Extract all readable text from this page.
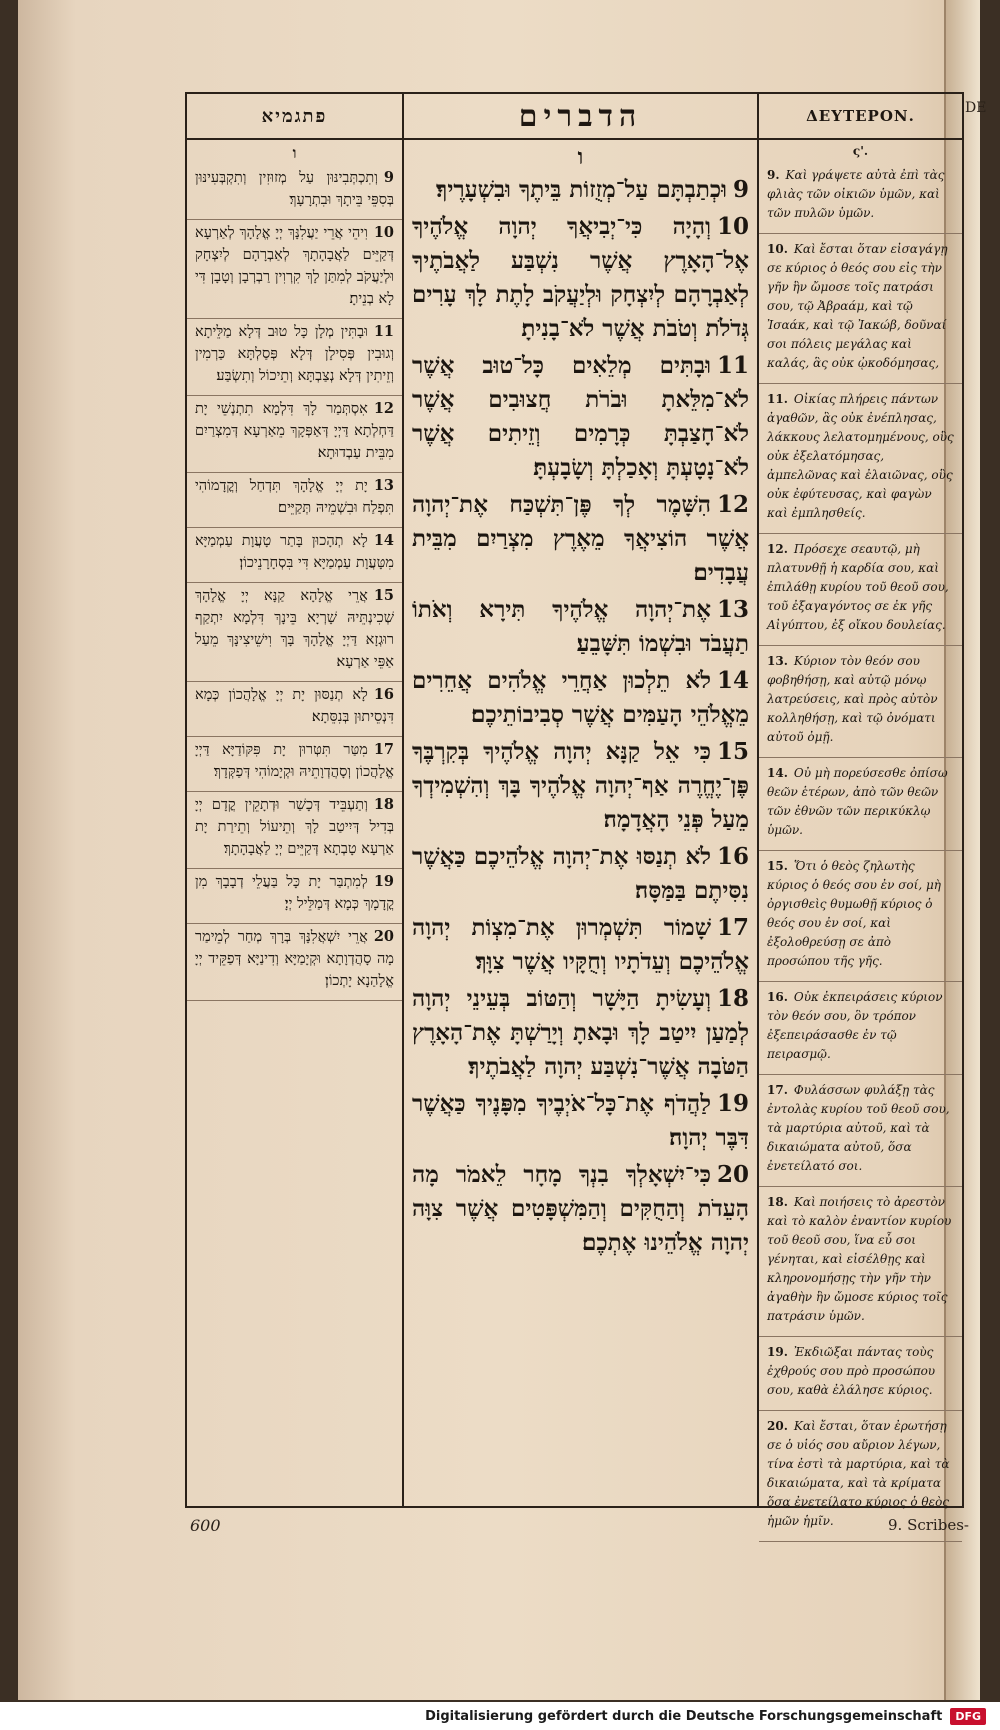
פתגמיא
ו
9וְתִכְתְּבִינּוּן עַל מְזוּזִין וְתִקְבְּעִינּוּן בְּסִפֵּי בֵּיתָךְ וּבִתְרָעָךְ׃
10וִיהֵי אֲרֵי יַעֲלִנָּךְ יְיָ אֱלָהָךְ לְאַרְעָא דְּקַיֵּים לַאֲבָהָתָךְ לְאַבְרָהָם לְיִצְחָק וּלְיַעֲקֹב לְמִתַּן לָךְ קִרְוִין רַבְרְבָן וְטָבָן דִּי לָא בְנֵיתָ׃
11וּבָתִּין מְלָן כָּל טוּב דְּלָא מַלֵּיתָא וְגוּבִין פְּסִילָן דְּלָא פְּסַלְתָּא כַּרְמִין וְזֵיתִין דְּלָא נְצַבְתָּא וְתֵיכוֹל וְתִשְׂבַּע׃
12אִסְתְּמַר לָךְ דִּלְמָא תִתְנְשֵׁי יָת דַּחְלְתָא דַּיְיָ דְּאַפְּקָךְ מֵאַרְעָא דְּמִצְרַיִם מִבֵּית עַבְדוּתָא׃
13יָת יְיָ אֱלָהָךְ תִּדְחַל וְקֳדָמוֹהִי תִּפְלַח וּבִשְׁמֵיהּ תְּקַיֵּים׃
14לָא תְהָכוּן בָּתַר טָעֲוָת עַמְמַיָּא מִטָּעֲוָת עַמְמַיָּא דִּי בִּסְחָרָנֵיכוֹן׃
15אֲרֵי אֱלָהָא קַנָּא יְיָ אֱלָהָךְ שְׁכִינְתֵּיהּ שָׁרְיָא בֵּינָךְ דִּלְמָא יִתְקַף רוּגְזָא דַּיְיָ אֱלָהָךְ בָּךְ וִישֵׁיצִינָּךְ מֵעַל אַפֵּי אַרְעָא׃
16לָא תְנַסּוּן יָת יְיָ אֱלָהֲכוֹן כְּמָא דִּנְסֵיתוּן בְּנִסֵּתָא׃
17מִטַּר תִּטְּרוּן יָת פִּקּוֹדַיָּא דַּיְיָ אֱלָהֲכוֹן וְסָהֲדְוָתֵיהּ וּקְיָמוֹהִי דְּפַקְּדָךְ׃
18וְתַעְבֵּיד דְּכָשַׁר וּדְתָקֵין קֳדָם יְיָ בְּדִיל דְּיִיטַב לָךְ וְתֵיעוֹל וְתֵירַת יָת אַרְעָא טָבְתָא דְּקַיֵּים יְיָ לַאֲבָהָתָךְ׃
19לְמִתְבַּר יָת כָּל בַּעֲלֵי דְבָבָךְ מִן קֳדָמָךְ כְּמָא דְּמַלֵּיל יְיָ׃
20אֲרֵי יִשְׁאֲלִנָּךְ בְּרָךְ מְחַר לְמֵימַר מָה סָהֲדְוָתָא וּקְיָמַיָּא וְדִינַיָּא דְּפַקֵּיד יְיָ אֱלָהַנָא יָתְכוֹן׃
הדברים
ו
9וּכְתַבְתָּם עַל־מְזֻזוֹת בֵּיתֶךָ וּבִשְׁעָרֶיךָ׃
10וְהָיָה כִּי־יְבִיאֲךָ יְהוָה אֱלֹהֶיךָ אֶל־הָאָרֶץ אֲשֶׁר נִשְׁבַּע לַאֲבֹתֶיךָ לְאַבְרָהָם לְיִצְחָק וּלְיַעֲקֹב לָתֶת לָךְ עָרִים גְּדֹלֹת וְטֹבֹת אֲשֶׁר לֹא־בָנִיתָ׃
11וּבָתִּים מְלֵאִים כָּל־טוּב אֲשֶׁר לֹא־מִלֵּאתָ וּבֹרֹת חֲצוּבִים אֲשֶׁר לֹא־חָצַבְתָּ כְּרָמִים וְזֵיתִים אֲשֶׁר לֹא־נָטָעְתָּ וְאָכַלְתָּ וְשָׂבָעְתָּ׃
12הִשָּׁמֶר לְךָ פֶּן־תִּשְׁכַּח אֶת־יְהוָה אֲשֶׁר הוֹצִיאֲךָ מֵאֶרֶץ מִצְרַיִם מִבֵּית עֲבָדִים׃
13אֶת־יְהוָה אֱלֹהֶיךָ תִּירָא וְאֹתוֹ תַעֲבֹד וּבִשְׁמוֹ תִּשָּׁבֵעַ׃
14לֹא תֵלְכוּן אַחֲרֵי אֱלֹהִים אֲחֵרִים מֵאֱלֹהֵי הָעַמִּים אֲשֶׁר סְבִיבוֹתֵיכֶם׃
15כִּי אֵל קַנָּא יְהוָה אֱלֹהֶיךָ בְּקִרְבֶּךָ פֶּן־יֶחֱרֶה אַף־יְהוָה אֱלֹהֶיךָ בָּךְ וְהִשְׁמִידְךָ מֵעַל פְּנֵי הָאֲדָמָה׃
16לֹא תְנַסּוּ אֶת־יְהוָה אֱלֹהֵיכֶם כַּאֲשֶׁר נִסִּיתֶם בַּמַּסָּה׃
17שָׁמוֹר תִּשְׁמְרוּן אֶת־מִצְוֹת יְהוָה אֱלֹהֵיכֶם וְעֵדֹתָיו וְחֻקָּיו אֲשֶׁר צִוָּךְ׃
18וְעָשִׂיתָ הַיָּשָׁר וְהַטּוֹב בְּעֵינֵי יְהוָה לְמַעַן יִיטַב לָךְ וּבָאתָ וְיָרַשְׁתָּ אֶת־הָאָרֶץ הַטֹּבָה אֲשֶׁר־נִשְׁבַּע יְהוָה לַאֲבֹתֶיךָ׃
19לַהֲדֹף אֶת־כָּל־אֹיְבֶיךָ מִפָּנֶיךָ כַּאֲשֶׁר דִּבֶּר יְהוָה׃
20כִּי־יִשְׁאָלְךָ בִנְךָ מָחָר לֵאמֹר מָה הָעֵדֹת וְהַחֻקִּים וְהַמִּשְׁפָּטִים אֲשֶׁר צִוָּה יְהוָה אֱלֹהֵינוּ אֶתְכֶם׃
ΔΕΥΤΕΡΟΝ.
ς'.
9. Καὶ γράψετε αὐτὰ ἐπὶ τὰς φλιὰς τῶν οἰκιῶν ὑμῶν, καὶ τῶν πυλῶν ὑμῶν.
10. Καὶ ἔσται ὅταν εἰσαγάγῃ σε κύριος ὁ θεός σου εἰς τὴν γῆν ἣν ὤμοσε τοῖς πατράσι σου, τῷ Ἀβραάμ, καὶ τῷ Ἰσαάκ, καὶ τῷ Ἰακώβ, δοῦναί σοι πόλεις μεγάλας καὶ καλάς, ἃς οὐκ ᾠκοδόμησας,
11. Οἰκίας πλήρεις πάντων ἀγαθῶν, ἃς οὐκ ἐνέπλησας, λάκκους λελατομημένους, οὓς οὐκ ἐξελατόμησας, ἀμπελῶνας καὶ ἐλαιῶνας, οὓς οὐκ ἐφύτευσας, καὶ φαγὼν καὶ ἐμπλησθείς.
12. Πρόσεχε σεαυτῷ, μὴ πλατυνθῇ ἡ καρδία σου, καὶ ἐπιλάθῃ κυρίου τοῦ θεοῦ σου, τοῦ ἐξαγαγόντος σε ἐκ γῆς Αἰγύπτου, ἐξ οἴκου δουλείας.
13. Κύριον τὸν θεόν σου φοβηθήσῃ, καὶ αὐτῷ μόνῳ λατρεύσεις, καὶ πρὸς αὐτὸν κολληθήσῃ, καὶ τῷ ὀνόματι αὐτοῦ ὀμῇ.
14. Οὐ μὴ πορεύσεσθε ὀπίσω θεῶν ἑτέρων, ἀπὸ τῶν θεῶν τῶν ἐθνῶν τῶν περικύκλῳ ὑμῶν.
15. Ὅτι ὁ θεὸς ζηλωτὴς κύριος ὁ θεός σου ἐν σοί, μὴ ὀργισθεὶς θυμωθῇ κύριος ὁ θεός σου ἐν σοί, καὶ ἐξολοθρεύσῃ σε ἀπὸ προσώπου τῆς γῆς.
16. Οὐκ ἐκπειράσεις κύριον τὸν θεόν σου, ὃν τρόπον ἐξεπειράσασθε ἐν τῷ πειρασμῷ.
17. Φυλάσσων φυλάξῃ τὰς ἐντολὰς κυρίου τοῦ θεοῦ σου, τὰ μαρτύρια αὐτοῦ, καὶ τὰ δικαιώματα αὐτοῦ, ὅσα ἐνετείλατό σοι.
18. Καὶ ποιήσεις τὸ ἀρεστὸν καὶ τὸ καλὸν ἐναντίον κυρίου τοῦ θεοῦ σου, ἵνα εὖ σοι γένηται, καὶ εἰσέλθῃς καὶ κληρονομήσῃς τὴν γῆν τὴν ἀγαθὴν ἣν ὤμοσε κύριος τοῖς πατράσιν ὑμῶν.
19. Ἐκδιῶξαι πάντας τοὺς ἐχθρούς σου πρὸ προσώπου σου, καθὰ ἐλάλησε κύριος.
20. Καὶ ἔσται, ὅταν ἐρωτήσῃ σε ὁ υἱός σου αὔριον λέγων, τίνα ἐστὶ τὰ μαρτύρια, καὶ τὰ δικαιώματα, καὶ τὰ κρίματα ὅσα ἐνετείλατο κύριος ὁ θεὸς ἡμῶν ἡμῖν.
DE
600	9. Scribes-
Digitalisierung gefördert durch die Deutsche Forschungsgemeinschaft	DFG
